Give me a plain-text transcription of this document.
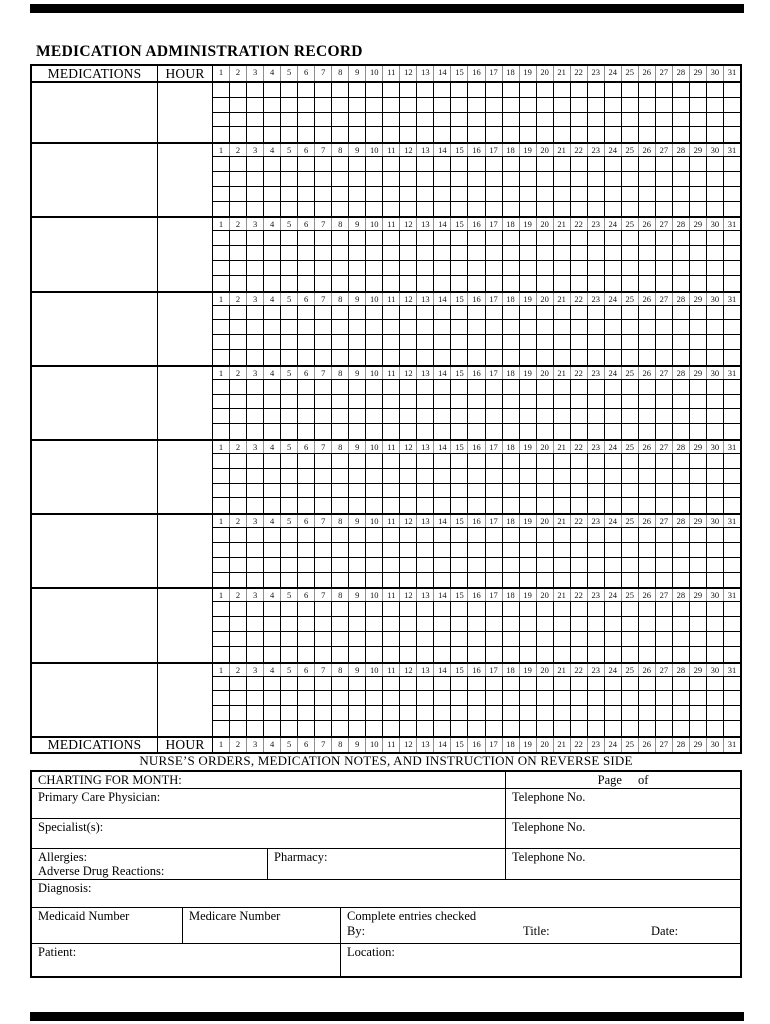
MEDICATION ADMINISTRATION RECORD
MEDICATIONS	HOUR	1	2	3	4	5	6	7	8	9	10	11	12	13	14	15	16	17	18	19	20	21	22	23	24	25	26	27	28	29	30	31
1	2	3	4	5	6	7	8	9	10	11	12	13	14	15	16	17	18	19	20	21	22	23	24	25	26	27	28	29	30	31
1	2	3	4	5	6	7	8	9	10	11	12	13	14	15	16	17	18	19	20	21	22	23	24	25	26	27	28	29	30	31
1	2	3	4	5	6	7	8	9	10	11	12	13	14	15	16	17	18	19	20	21	22	23	24	25	26	27	28	29	30	31
1	2	3	4	5	6	7	8	9	10	11	12	13	14	15	16	17	18	19	20	21	22	23	24	25	26	27	28	29	30	31
1	2	3	4	5	6	7	8	9	10	11	12	13	14	15	16	17	18	19	20	21	22	23	24	25	26	27	28	29	30	31
1	2	3	4	5	6	7	8	9	10	11	12	13	14	15	16	17	18	19	20	21	22	23	24	25	26	27	28	29	30	31
1	2	3	4	5	6	7	8	9	10	11	12	13	14	15	16	17	18	19	20	21	22	23	24	25	26	27	28	29	30	31
1	2	3	4	5	6	7	8	9	10	11	12	13	14	15	16	17	18	19	20	21	22	23	24	25	26	27	28	29	30	31
MEDICATIONS	HOUR	1	2	3	4	5	6	7	8	9	10	11	12	13	14	15	16	17	18	19	20	21	22	23	24	25	26	27	28	29	30	31
NURSE’S ORDERS, MEDICATION NOTES, AND INSTRUCTION ON REVERSE SIDE
CHARTING FOR MONTH:	Page of
Primary Care Physician:	Telephone No.
Specialist(s):	Telephone No.
Allergies:
Adverse Drug Reactions:
Pharmacy:	Telephone No.
Diagnosis:
Medicaid Number	Medicare Number	Complete entries checked
By:	Title:	Date:
Patient:	Location:
